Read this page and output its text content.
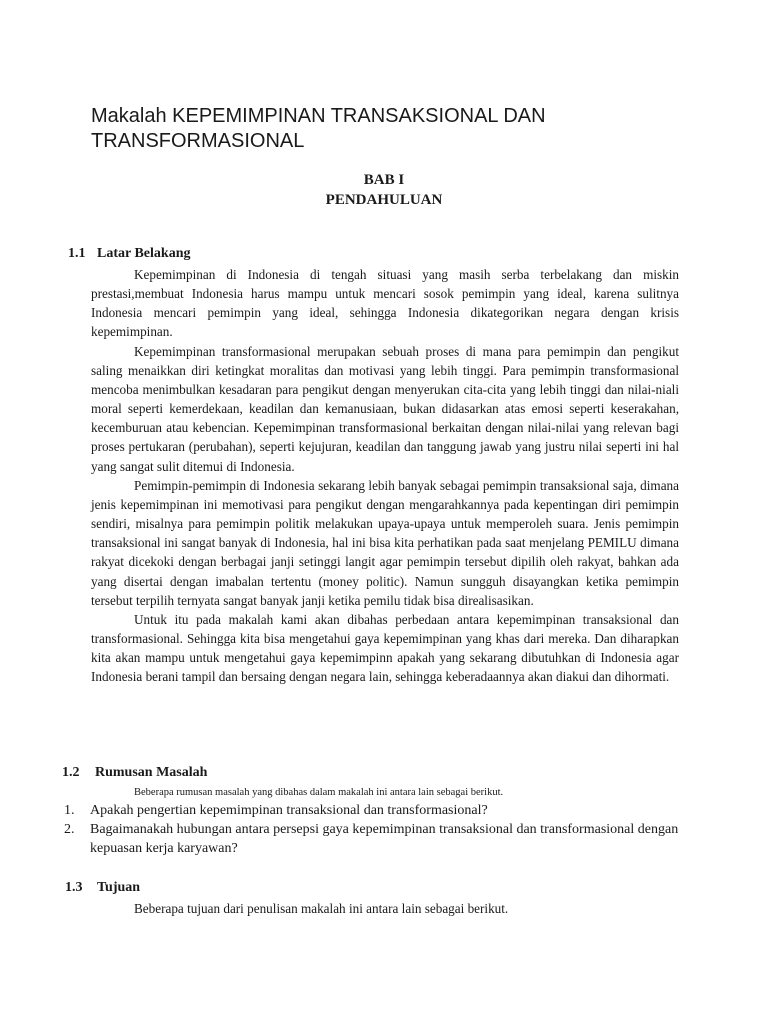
Makalah KEPEMIMPINAN TRANSAKSIONAL DAN TRANSFORMASIONAL

BAB I

PENDAHULUAN

1.1 Latar Belakang

Kepemimpinan di Indonesia di tengah situasi yang masih serba terbelakang dan miskin prestasi,membuat Indonesia harus mampu untuk mencari sosok pemimpin yang ideal, karena sulitnya Indonesia mencari pemimpin yang ideal, sehingga Indonesia dikategorikan negara dengan krisis kepemimpinan.

Kepemimpinan transformasional merupakan sebuah proses di mana para pemimpin dan pengikut saling menaikkan diri ketingkat moralitas dan motivasi yang lebih tinggi. Para pemimpin transformasional mencoba menimbulkan kesadaran para pengikut dengan menyerukan cita-cita yang lebih tinggi dan nilai-niali moral seperti kemerdekaan, keadilan dan kemanusiaan, bukan didasarkan atas emosi seperti keserakahan, kecemburuan atau kebencian. Kepemimpinan transformasional berkaitan dengan nilai-nilai yang relevan bagi proses pertukaran (perubahan), seperti kejujuran, keadilan dan tanggung jawab yang justru nilai seperti ini hal yang sangat sulit ditemui di Indonesia.

Pemimpin-pemimpin di Indonesia sekarang lebih banyak sebagai pemimpin transaksional saja, dimana jenis kepemimpinan ini memotivasi para pengikut dengan mengarahkannya pada kepentingan diri pemimpin sendiri, misalnya para pemimpin politik melakukan upaya-upaya untuk memperoleh suara. Jenis pemimpin transaksional ini sangat banyak di Indonesia, hal ini bisa kita perhatikan pada saat menjelang PEMILU dimana rakyat dicekoki dengan berbagai janji setinggi langit agar pemimpin tersebut dipilih oleh rakyat, bahkan ada yang disertai dengan imabalan tertentu (money politic). Namun sungguh disayangkan ketika pemimpin tersebut terpilih ternyata sangat banyak janji ketika pemilu tidak bisa direalisasikan.

Untuk itu pada makalah kami akan dibahas perbedaan antara kepemimpinan transaksional dan transformasional. Sehingga kita bisa mengetahui gaya kepemimpinan yang khas dari mereka. Dan diharapkan kita akan mampu untuk mengetahui gaya kepemimpinn apakah yang sekarang dibutuhkan di Indonesia agar Indonesia berani tampil dan bersaing dengan negara lain, sehingga keberadaannya akan diakui dan dihormati.

1.2 Rumusan Masalah

Beberapa rumusan masalah yang dibahas dalam makalah ini antara lain sebagai berikut.

1.	Apakah pengertian kepemimpinan transaksional dan transformasional?
2.	Bagaimanakah hubungan antara persepsi gaya kepemimpinan transaksional dan transformasional dengan kepuasan kerja karyawan?

1.3 Tujuan

Beberapa tujuan dari penulisan makalah ini antara lain sebagai berikut.
